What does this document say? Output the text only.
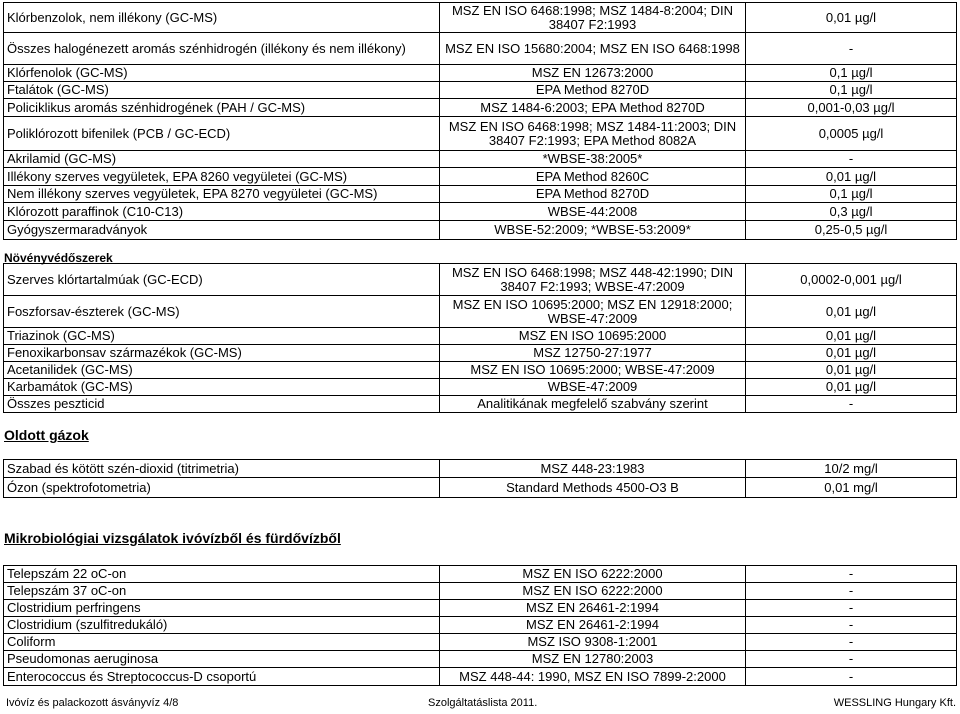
Klórbenzolok, nem illékony (GC-MS)	MSZ EN ISO 6468:1998; MSZ 1484-8:2004; DIN 38407 F2:1993	0,01 µg/l
Összes halogénezett aromás szénhidrogén (illékony és nem illékony)	MSZ EN ISO 15680:2004; MSZ EN ISO 6468:1998	-
Klórfenolok (GC-MS)	MSZ EN 12673:2000	0,1 µg/l
Ftalátok (GC-MS)	EPA Method 8270D	0,1 µg/l
Policiklikus aromás szénhidrogének (PAH / GC-MS)	MSZ 1484-6:2003; EPA Method 8270D	0,001-0,03 µg/l
Poliklórozott bifenilek (PCB / GC-ECD)	MSZ EN ISO 6468:1998; MSZ 1484-11:2003; DIN 38407 F2:1993; EPA Method 8082A	0,0005 µg/l
Akrilamid (GC-MS)	*WBSE-38:2005*	-
Illékony szerves vegyületek, EPA 8260 vegyületei (GC-MS)	EPA Method 8260C	0,01 µg/l
Nem illékony szerves vegyületek, EPA 8270 vegyületei (GC-MS)	EPA Method 8270D	0,1 µg/l
Klórozott paraffinok (C10-C13)	WBSE-44:2008	0,3 µg/l
Gyógyszermaradványok	WBSE-52:2009; *WBSE-53:2009*	0,25-0,5 µg/l
Növényvédőszerek
Szerves klórtartalmúak (GC-ECD)	MSZ EN ISO 6468:1998; MSZ 448-42:1990; DIN 38407 F2:1993; WBSE-47:2009	0,0002-0,001 µg/l
Foszforsav-észterek (GC-MS)	MSZ EN ISO 10695:2000; MSZ EN 12918:2000; WBSE-47:2009	0,01 µg/l
Triazinok (GC-MS)	MSZ EN ISO 10695:2000	0,01 µg/l
Fenoxikarbonsav származékok (GC-MS)	MSZ 12750-27:1977	0,01 µg/l
Acetanilidek (GC-MS)	MSZ EN ISO 10695:2000; WBSE-47:2009	0,01 µg/l
Karbamátok (GC-MS)	WBSE-47:2009	0,01 µg/l
Összes peszticid	Analitikának megfelelő szabvány szerint	-
Oldott gázok
Szabad és kötött szén-dioxid (titrimetria)	MSZ 448-23:1983	10/2 mg/l
Ózon (spektrofotometria)	Standard Methods 4500-O3 B	0,01 mg/l
Mikrobiológiai vizsgálatok ivóvízből és fürdővízből
Telepszám 22 oC-on	MSZ EN ISO 6222:2000	-
Telepszám 37 oC-on	MSZ EN ISO 6222:2000	-
Clostridium perfringens	MSZ EN 26461-2:1994	-
Clostridium (szulfitredukáló)	MSZ EN 26461-2:1994	-
Coliform	MSZ ISO 9308-1:2001	-
Pseudomonas aeruginosa	MSZ EN 12780:2003	-
Enterococcus és Streptococcus-D csoportú	MSZ 448-44: 1990, MSZ EN ISO 7899-2:2000	-
Ivóvíz és palackozott ásványvíz 4/8	Szolgáltatáslista 2011.	WESSLING Hungary Kft.
